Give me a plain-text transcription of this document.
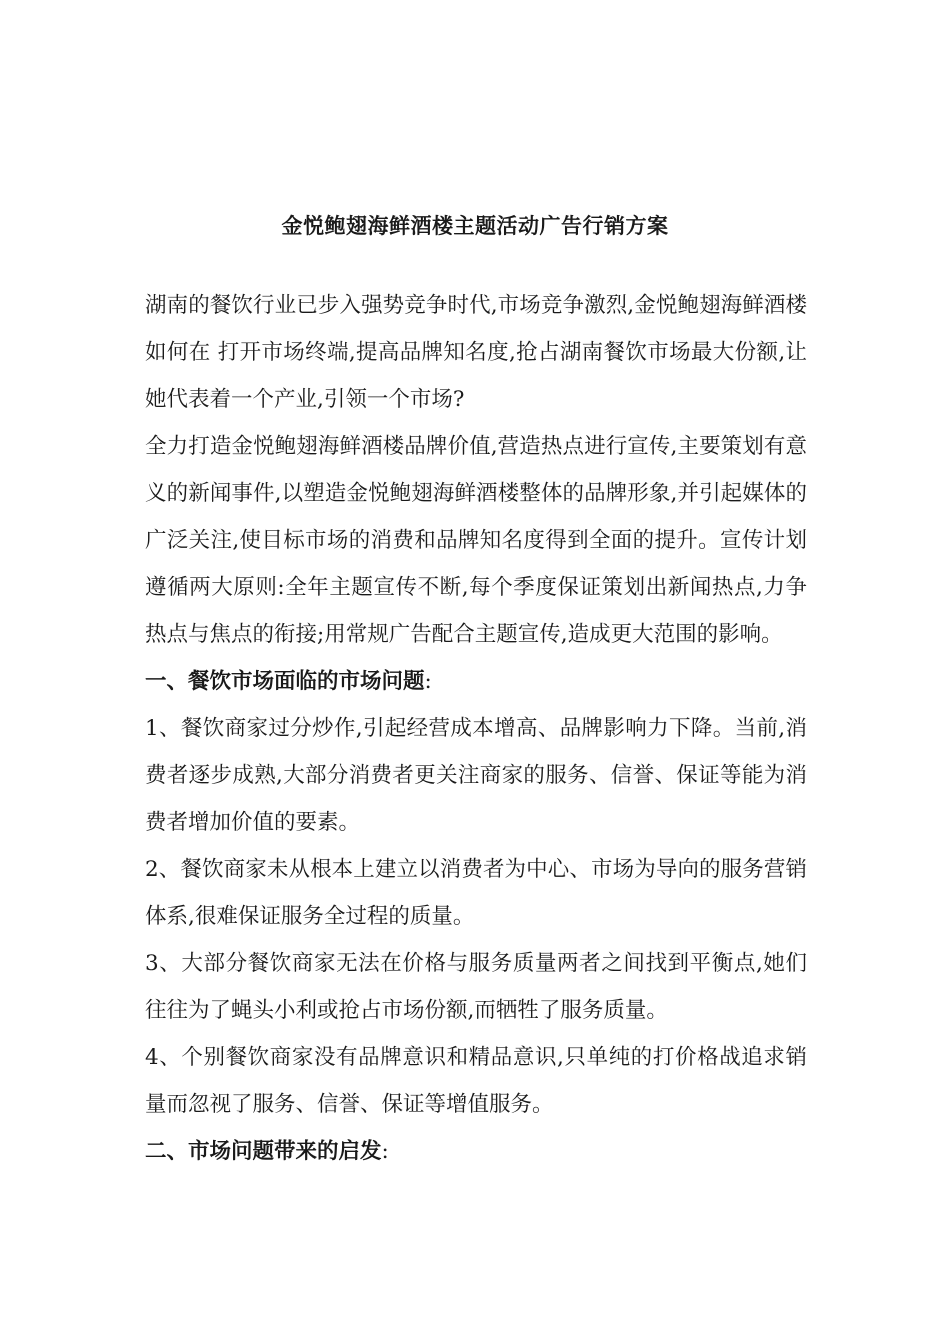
金悦鲍翅海鲜酒楼主题活动广告行销方案

湖南的餐饮行业已步入强势竞争时代,市场竞争激烈,金悦鲍翅海鲜酒楼如何在 打开市场终端,提高品牌知名度,抢占湖南餐饮市场最大份额,让她代表着一个产业,引领一个市场?

全力打造金悦鲍翅海鲜酒楼品牌价值,营造热点进行宣传,主要策划有意义的新闻事件,以塑造金悦鲍翅海鲜酒楼整体的品牌形象,并引起媒体的广泛关注,使目标市场的消费和品牌知名度得到全面的提升。宣传计划遵循两大原则:全年主题宣传不断,每个季度保证策划出新闻热点,力争热点与焦点的衔接;用常规广告配合主题宣传,造成更大范围的影响。

一、餐饮市场面临的市场问题:

1、餐饮商家过分炒作,引起经营成本增高、品牌影响力下降。当前,消费者逐步成熟,大部分消费者更关注商家的服务、信誉、保证等能为消费者增加价值的要素。

2、餐饮商家未从根本上建立以消费者为中心、市场为导向的服务营销体系,很难保证服务全过程的质量。

3、大部分餐饮商家无法在价格与服务质量两者之间找到平衡点,她们往往为了蝇头小利或抢占市场份额,而牺牲了服务质量。

4、个别餐饮商家没有品牌意识和精品意识,只单纯的打价格战追求销量而忽视了服务、信誉、保证等增值服务。

二、市场问题带来的启发:
